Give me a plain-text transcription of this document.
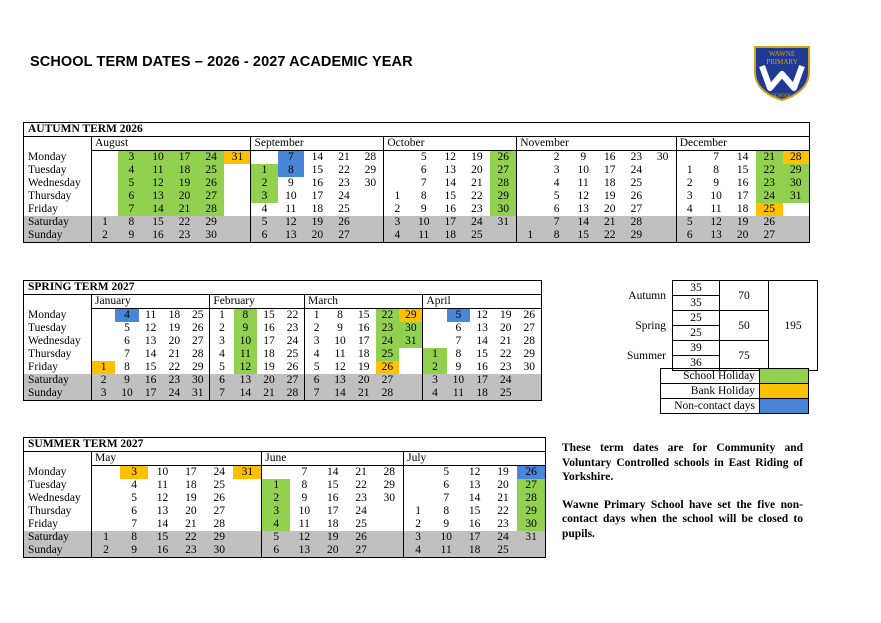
SCHOOL TERM DATES – 2026 - 2027 ACADEMIC YEAR	WAWNE
PRIMARY
SCHOOL
AUTUMN TERM 2026																											
	August						September					October					November						December				
Monday		3	10	17	24	31		7	14	21	28		5	12	19	26		2	9	16	23	30		7	14	21	28
Tuesday		4	11	18	25		1	8	15	22	29		6	13	20	27		3	10	17	24		1	8	15	22	29
Wednesday		5	12	19	26		2	9	16	23	30		7	14	21	28		4	11	18	25		2	9	16	23	30
Thursday		6	13	20	27		3	10	17	24		1	8	15	22	29		5	12	19	26		3	10	17	24	31
Friday		7	14	21	28		4	11	18	25		2	9	16	23	30		6	13	20	27		4	11	18	25	
Saturday	1	8	15	22	29		5	12	19	26		3	10	17	24	31		7	14	21	28		5	12	19	26	
Sunday	2	9	16	23	30		6	13	20	27		4	11	18	25		1	8	15	22	29		6	13	20	27	
SPRING TERM 2027																			
	January					February				March					April				
Monday		4	11	18	25	1	8	15	22	1	8	15	22	29		5	12	19	26
Tuesday		5	12	19	26	2	9	16	23	2	9	16	23	30		6	13	20	27
Wednesday		6	13	20	27	3	10	17	24	3	10	17	24	31		7	14	21	28
Thursday		7	14	21	28	4	11	18	25	4	11	18	25		1	8	15	22	29
Friday	1	8	15	22	29	5	12	19	26	5	12	19	26		2	9	16	23	30
Saturday	2	9	16	23	30	6	13	20	27	6	13	20	27		3	10	17	24	
Sunday	3	10	17	24	31	7	14	21	28	7	14	21	28		4	11	18	25	
SUMMER TERM 2027																
	May						June					July				
Monday		3	10	17	24	31		7	14	21	28		5	12	19	26
Tuesday		4	11	18	25		1	8	15	22	29		6	13	20	27
Wednesday		5	12	19	26		2	9	16	23	30		7	14	21	28
Thursday		6	13	20	27		3	10	17	24		1	8	15	22	29
Friday		7	14	21	28		4	11	18	25		2	9	16	23	30
Saturday	1	8	15	22	29		5	12	19	26		3	10	17	24	31
Sunday	2	9	16	23	30		6	13	20	27		4	11	18	25	
Autumn	35	70	195
	35		
Spring	25	50	
	25		
Summer	39	75	
	36		
School Holiday	
Bank Holiday	
Non-contact days	

These term dates are for Community and Voluntary Controlled schools in East Riding of Yorkshire.

Wawne Primary School have set the five non-contact days when the school will be closed to pupils.
